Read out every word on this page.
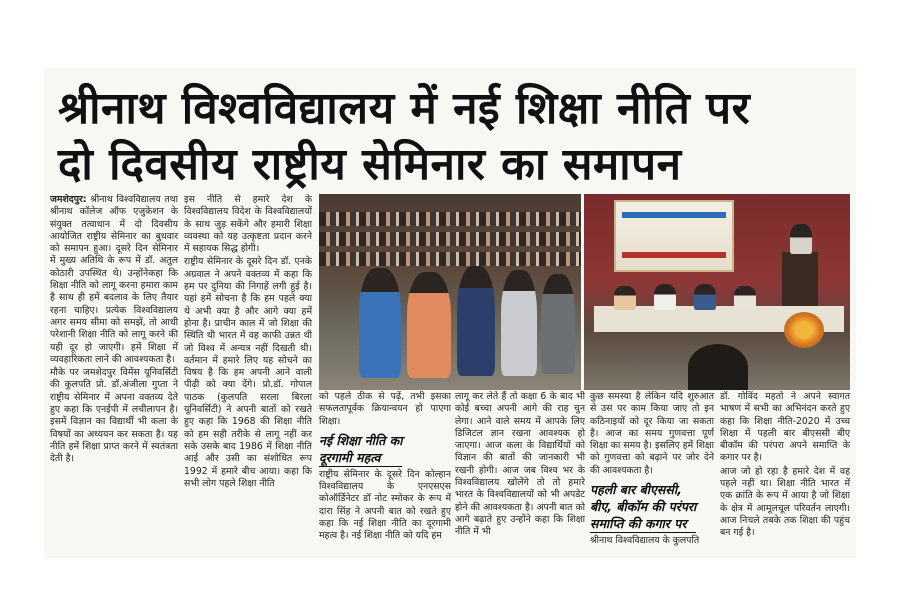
श्रीनाथ विश्वविद्यालय में नई शिक्षा नीति पर
दो दिवसीय राष्ट्रीय सेमिनार का समापन

जमशेदपुर: श्रीनाथ विश्वविद्यालय तथा श्रीनाथ कॉलेज ऑफ एजुकेशन के संयुक्त तत्वाधान में दो दिवसीय आयोजित राष्ट्रीय सेमिनार का बुधवार को समापन हुआ। दूसरे दिन सेमिनार में मुख्य अतिथि के रूप में डॉ. अतुल कोठारी उपस्थित थे। उन्होंनेकहा कि शिक्षा नीति को लागू करना हमारा काम है साथ ही हमें बदलाव के लिए तैयार रहना चाहिए। प्रत्येक विश्वविद्यालय अगर समय सीमा को समझें, तो आधी परेशानी शिक्षा नीति को लागू करने की यही दूर हो जाएगी। हमें शिक्षा में व्यवहारिकता लाने की आवश्यकता है।

मौके पर जमशेदपुर विमेंस यूनिवर्सिटी की कुलपति प्रो. डॉ.अंजीला गुप्ता ने राष्ट्रीय सेमिनार में अपना वक्तव्य देते हुए कहा कि एनईपी में लचीलापन है। इसमें विज्ञान का विद्यार्थी भी कला के विषयों का अध्ययन कर सकता है। यह नीति हमें शिक्षा प्राप्त करने में स्वतंत्रता देती है।

इस नीति से हमारे देश के विश्वविद्यालय विदेश के विश्वविद्यालयों के साथ जुड़ सकेंगे और हमारी शिक्षा व्यवस्था को यह उत्कृष्टता प्रदान करने में सहायक सिद्ध होगी।

राष्ट्रीय सेमिनार के दूसरे दिन डॉ. एनके अग्रवाल ने अपने वक्तव्य में कहा कि हम पर दुनिया की निगाहें लगी हुई है। यहां हमें सोचना है कि हम पहले क्या थे अभी क्या है और आगे क्या हमें होना है। प्राचीन काल में जो शिक्षा की स्थिति थी भारत में वह काफी उन्नत थी जो विश्व में अन्यत्र नहीं दिखती थी। वर्तमान में हमारे लिए यह सोचने का विषय है कि हम अपनी आने वाली पीढ़ी को क्या देंगे। प्रो.डॉ. गोपाल पाठक (कुलपति सरला बिरला यूनिवर्सिटी) ने अपनी बातों को रखते हुए कहा कि 1968 की शिक्षा नीति को हम सही तरीके से लागू नहीं कर सके उसके बाद 1986 में शिक्षा नीति आई और उसी का संशोधित रूप 1992 में हमारे बीच आया। कहा कि सभी लोग पहले शिक्षा नीति

को पहले ठीक से पढ़ें, तभी इसका सफलतापूर्वक क्रियान्वयन हो पाएगा शिक्षा।

नई शिक्षा नीति का
दूरगामी महत्व

राष्ट्रीय सेमिनार के दूसरे दिन कोल्हान विश्वविद्यालय के एनएसएस कोऑर्डिनेटर डॉ नोट स्मोकर के रूप में दारा सिंह ने अपनी बात को रखते हुए कहा कि नई शिक्षा नीति का दूरगामी महत्व है। नई शिक्षा नीति को यदि हम

लागू कर लेते हैं तो कक्षा 6 के बाद भी कोई बच्चा अपनी आगे की राह चुन लेगा। आने वाले समय में आपके लिए डिजिटल ज्ञान रखना आवश्यक हो जाएगा। आज कला के विद्यार्थियों को विज्ञान की बातों की जानकारी भी रखनी होगी। आज जब विश्व भर के विश्वविद्यालय खोलेंगे तो तो हमारे भारत के विश्वविद्यालयों को भी अपडेट होने की आवश्यकता है। अपनी बात को आगे बढ़ाते हुए उन्होंने कहा कि शिक्षा नीति में भी

कुछ समस्या है लेकिन यदि शुरुआत से उस पर काम किया जाए तो इन कठिनाइयों को दूर किया जा सकता है। आज का समय गुणवत्ता पूर्ण शिक्षा का समय है। इसलिए हमें शिक्षा को गुणवत्ता को बढ़ाने पर जोर देने की आवश्यकता है।

पहली बार बीएससी,
बीए, बीकॉम की परंपरा
समाप्ति की कगार पर

श्रीनाथ विश्वविद्यालय के कुलपति

डॉ. गोविंद महतो ने अपने स्वागत भाषण में सभी का अभिनंदन करते हुए कहा कि शिक्षा नीति-2020 में उच्च शिक्षा में पहली बार बीएससी बीए बीकॉम की परंपरा अपने समाप्ति के कगार पर है।

आज जो हो रहा है हमारे देश में वह पहले नहीं था। शिक्षा नीति भारत में एक क्रांति के रूप में आया है जो शिक्षा के क्षेत्र में आमूलचूल परिवर्तन लाएगी। आज निचले तबके तक शिक्षा की पहुंच बन गई है।
